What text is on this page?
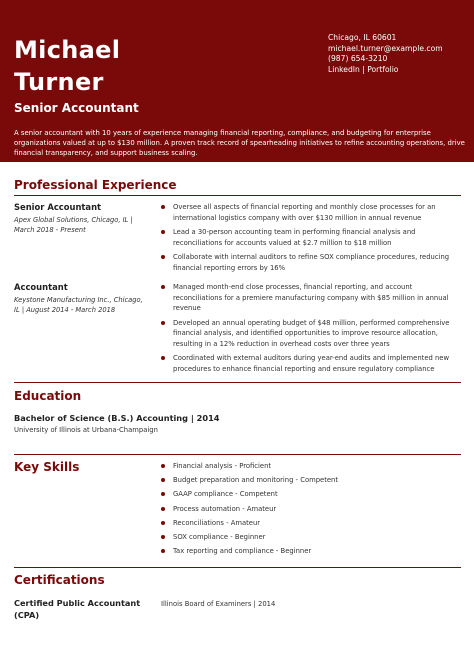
Michael
Turner
Senior Accountant
Chicago, IL 60601
michael.turner@example.com
(987) 654-3210
LinkedIn | Portfolio
A senior accountant with 10 years of experience managing financial reporting, compliance, and budgeting for enterprise organizations valued at up to $130 million. A proven track record of spearheading initiatives to refine accounting operations, drive financial transparency, and support business scaling.
Professional Experience
Senior Accountant
Apex Global Solutions, Chicago, IL | March 2018 - Present
Oversee all aspects of financial reporting and monthly close processes for an international logistics company with over $130 million in annual revenue
Lead a 30-person accounting team in performing financial analysis and reconciliations for accounts valued at $2.7 million to $18 million
Collaborate with internal auditors to refine SOX compliance procedures, reducing financial reporting errors by 16%
Accountant
Keystone Manufacturing Inc., Chicago, IL | August 2014 - March 2018
Managed month-end close processes, financial reporting, and account reconciliations for a premiere manufacturing company with $85 million in annual revenue
Developed an annual operating budget of $48 million, performed comprehensive financial analysis, and identified opportunities to improve resource allocation, resulting in a 12% reduction in overhead costs over three years
Coordinated with external auditors during year-end audits and implemented new procedures to enhance financial reporting and ensure regulatory compliance
Education
Bachelor of Science (B.S.) Accounting | 2014
University of Illinois at Urbana-Champaign
Key Skills	Financial analysis - Proficient
Budget preparation and monitoring - Competent
GAAP compliance - Competent
Process automation - Amateur
Reconciliations - Amateur
SOX compliance - Beginner
Tax reporting and compliance - Beginner
Certifications
Certified Public Accountant (CPA)
Illinois Board of Examiners | 2014
